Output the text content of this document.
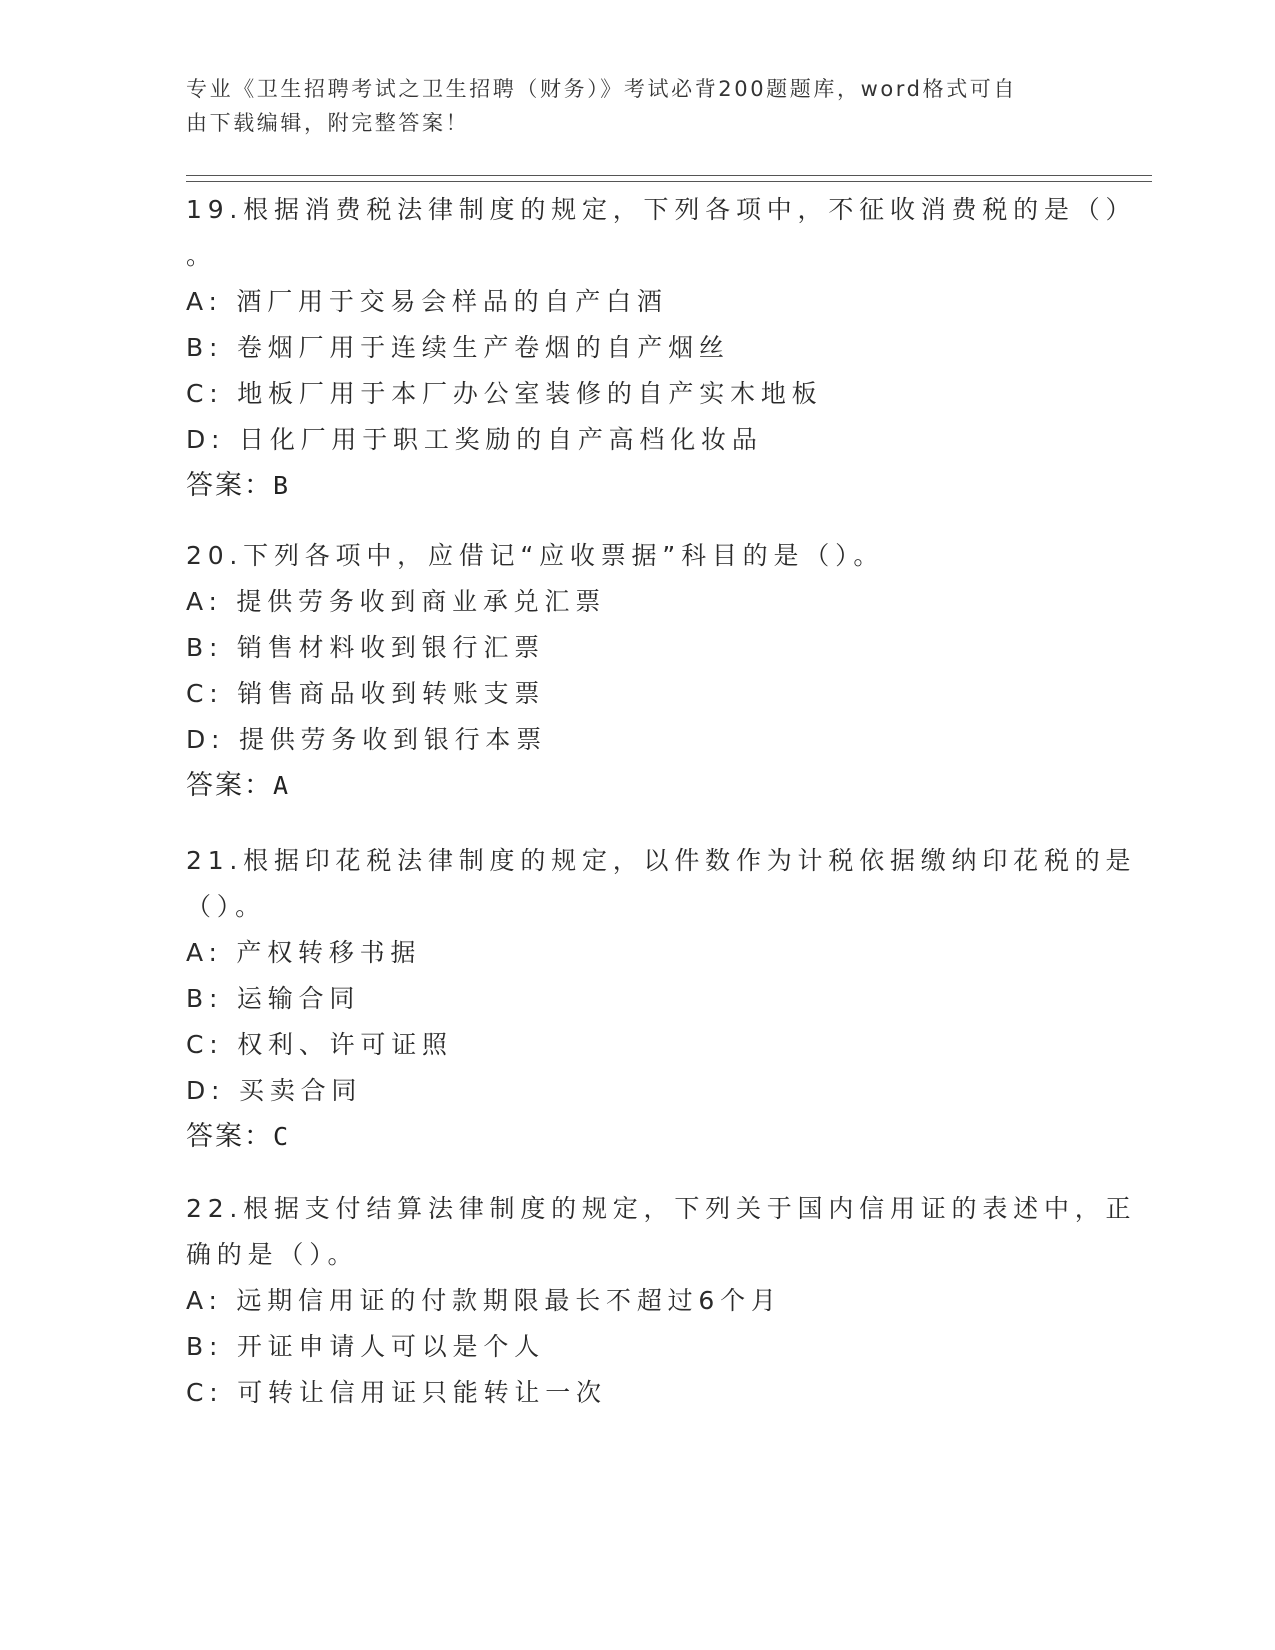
专业《卫生招聘考试之卫生招聘（财务）》考试必背200题题库，word格式可自
由下载编辑，附完整答案！
19.根据消费税法律制度的规定，下列各项中，不征收消费税的是（）
。
A: 酒厂用于交易会样品的自产白酒
B: 卷烟厂用于连续生产卷烟的自产烟丝
C: 地板厂用于本厂办公室装修的自产实木地板
D: 日化厂用于职工奖励的自产高档化妆品
答案：B
20.下列各项中，应借记“应收票据”科目的是（）。
A: 提供劳务收到商业承兑汇票
B: 销售材料收到银行汇票
C: 销售商品收到转账支票
D: 提供劳务收到银行本票
答案：A
21.根据印花税法律制度的规定，以件数作为计税依据缴纳印花税的是
（）。
A: 产权转移书据
B: 运输合同
C: 权利、许可证照
D: 买卖合同
答案：C
22.根据支付结算法律制度的规定，下列关于国内信用证的表述中，正
确的是（）。
A: 远期信用证的付款期限最长不超过6个月
B: 开证申请人可以是个人
C: 可转让信用证只能转让一次
